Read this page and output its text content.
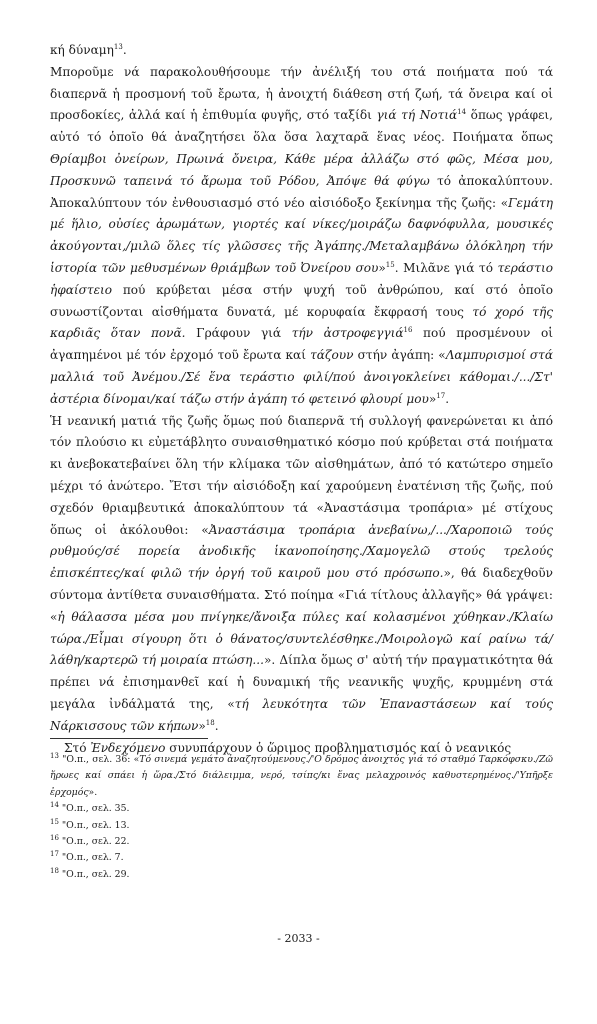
κή δύναμη$^{13}$.

Μποροῦμε νά παρακολουθήσουμε τήν ἀνέλιξή του στά ποιήματα πού τά διαπερνᾶ ἡ προσμονή τοῦ ἔρωτα, ἡ ἀνοιχτή διάθεση στή ζωή, τά ὄνειρα καί οἱ προσδοκίες, ἀλλά καί ἡ ἐπιθυμία φυγῆς, στό ταξίδι γιά τή Νοτιά$^{14}$ ὅπως γράφει, αὐτό τό ὁποῖο θά ἀναζητήσει ὅλα ὅσα λαχταρᾶ ἕνας νέος. Ποιήματα ὅπως Θρίαμβοι ὀνείρων, Πρωινά ὄνειρα, Κάθε μέρα ἀλλάζω στό φῶς, Μέσα μου, Προσκυνῶ ταπεινά τό ἄρωμα τοῦ Ρόδου, Ἀπόψε θά φύγω τό ἀποκαλύπτουν. Ἀποκαλύπτουν τόν ἐνθουσιασμό στό νέο αἰσιόδοξο ξεκίνημα τῆς ζωῆς: «Γεμάτη μέ ἥλιο, οὐσίες ἀρωμάτων, γιορτές καί νίκες/μοιράζω δαφνόφυλλα, μουσικές ἀκούγονται,/μιλῶ ὅλες τίς γλῶσσες τῆς Ἀγάπης./Μεταλαμβάνω ὁλόκληρη τήν ἱστορία τῶν μεθυσμένων θριάμβων τοῦ Ὀνείρου σου»$^{15}$. Μιλᾶνε γιά τό τεράστιο ἡφαίστειο πού κρύβεται μέσα στήν ψυχή τοῦ ἀνθρώπου, καί στό ὁποῖο συνωστίζονται αἰσθήματα δυνατά, μέ κορυφαία ἔκφρασή τους τό χορό τῆς καρδιᾶς ὅταν πονᾶ. Γράφουν γιά τήν ἀστροφεγγιά$^{16}$ πού προσμένουν οἱ ἀγαπημένοι μέ τόν ἐρχομό τοῦ ἔρωτα καί τάζουν στήν ἀγάπη: «Λαμπυρισμοί στά μαλλιά τοῦ Ἀνέμου./Σέ ἕνα τεράστιο φιλί/πού ἀνοιγοκλείνει κάθομαι./.../Στ' ἀστέρια δίνομαι/καί τάζω στήν ἀγάπη τό φετεινό φλουρί μου»$^{17}$.

Ἡ νεανική ματιά τῆς ζωῆς ὅμως πού διαπερνᾶ τή συλλογή φανερώνεται κι ἀπό τόν πλούσιο κι εὐμετάβλητο συναισθηματικό κόσμο πού κρύβεται στά ποιήματα κι ἀνεβοκατεβαίνει ὅλη τήν κλίμακα τῶν αἰσθημάτων, ἀπό τό κατώτερο σημεῖο μέχρι τό ἀνώτερο. Ἔτσι τήν αἰσιόδοξη καί χαρούμενη ἐνατένιση τῆς ζωῆς, πού σχεδόν θριαμβευτικά ἀποκαλύπτουν τά «Ἀναστάσιμα τροπάρια» μέ στίχους ὅπως οἱ ἀκόλουθοι: «Ἀναστάσιμα τροπάρια ἀνεβαίνω,/.../Χαροποιῶ τούς ρυθμούς/σέ πορεία ἀνοδικῆς ἱκανοποίησης./Χαμογελῶ στούς τρελούς ἐπισκέπτες/καί φιλῶ τήν ὀργή τοῦ καιροῦ μου στό πρόσωπο.», θά διαδεχθοῦν σύντομα ἀντίθετα συναισθήματα. Στό ποίημα «Γιά τίτλους ἀλλαγῆς» θά γράψει: «ἡ θάλασσα μέσα μου πνίγηκε/ἄνοιξα πύλες καί κολασμένοι χύθηκαν./Κλαίω τώρα./Εἶμαι σίγουρη ὅτι ὁ θάνατος/συντελέσθηκε./Μοιρολογῶ καί ραίνω τά/λάθη/καρτερῶ τή μοιραία πτώση...». Δίπλα ὅμως σ' αὐτή τήν πραγματικότητα θά πρέπει νά ἐπισημανθεῖ καί ἡ δυναμική τῆς νεανικῆς ψυχῆς, κρυμμένη στά μεγάλα ἰνδάλματά της, «τή λευκότητα τῶν Ἐπαναστάσεων καί τούς Νάρκισσους τῶν κήπων»$^{18}$.

Στό Ἐνδεχόμενο συνυπάρχουν ὁ ὥριμος προβληματισμός καί ὁ νεανικός

$^{13}$ "Ο.π., σελ. 36: «Τό σινεμά γεμάτο ἀναζητούμενους./'Ο δρόμος ἀνοιχτός γιά τό σταθμό Ταρκόφσκυ./Ζῶ ἥρωες καί σπάει ἡ ὥρα./Στό διάλειμμα, νερό, τσίπς/κι ἕνας μελαχροινός καθυστερημένος./'Υπῆρξε ἐρχομός».

$^{14}$ "Ο.π., σελ. 35.

$^{15}$ "Ο.π., σελ. 13.

$^{16}$ "Ο.π., σελ. 22.

$^{17}$ "Ο.π., σελ. 7.

$^{18}$ "Ο.π., σελ. 29.

- 2033 -
